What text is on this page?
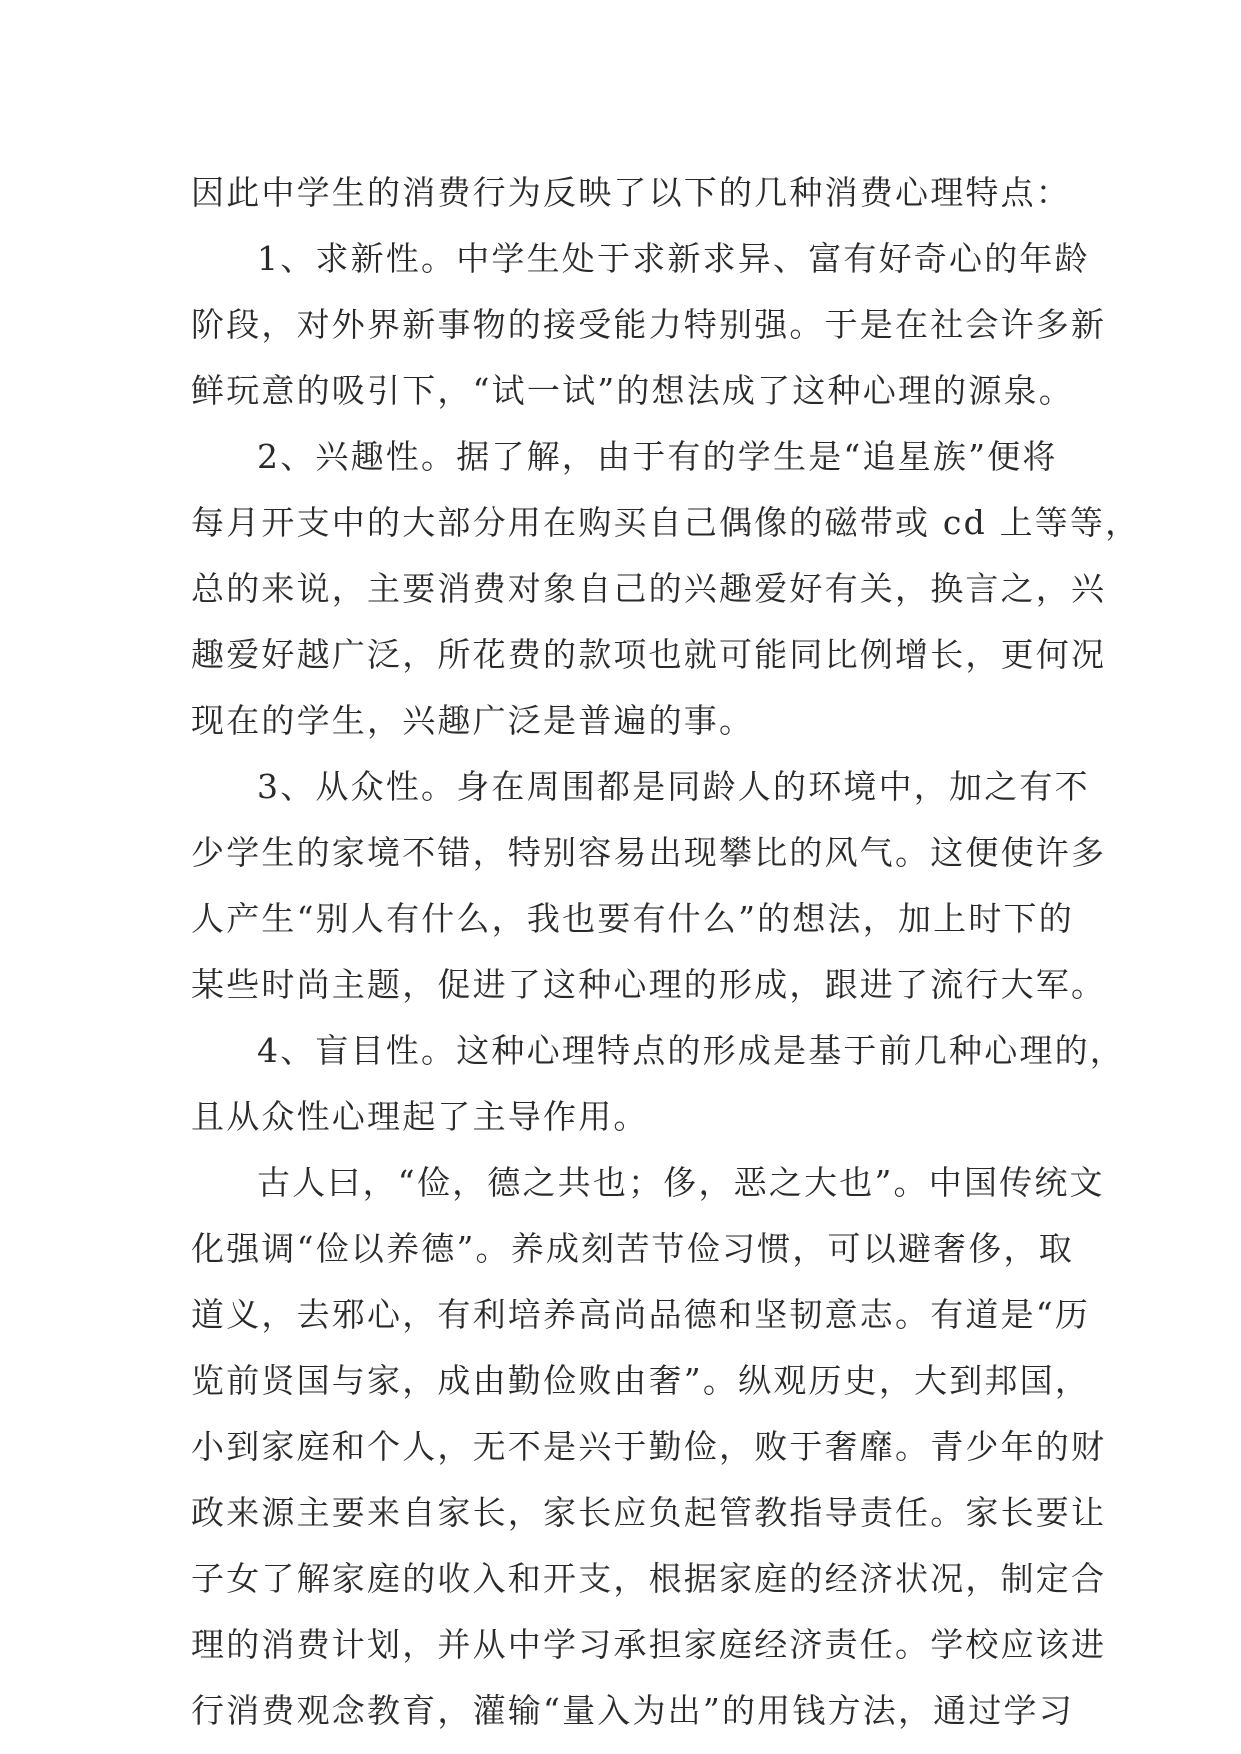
因此中学生的消费行为反映了以下的几种消费心理特点：
1、求新性。中学生处于求新求异、富有好奇心的年龄
阶段，对外界新事物的接受能力特别强。于是在社会许多新
鲜玩意的吸引下，“试一试”的想法成了这种心理的源泉。
2、兴趣性。据了解，由于有的学生是“追星族”便将
每月开支中的大部分用在购买自己偶像的磁带或 cd 上等等，
总的来说，主要消费对象自己的兴趣爱好有关，换言之，兴
趣爱好越广泛，所花费的款项也就可能同比例增长，更何况
现在的学生，兴趣广泛是普遍的事。
3、从众性。身在周围都是同龄人的环境中，加之有不
少学生的家境不错，特别容易出现攀比的风气。这便使许多
人产生“别人有什么，我也要有什么”的想法，加上时下的
某些时尚主题，促进了这种心理的形成，跟进了流行大军。
4、盲目性。这种心理特点的形成是基于前几种心理的，
且从众性心理起了主导作用。
古人曰，“俭，德之共也；侈，恶之大也”。中国传统文
化强调“俭以养德”。养成刻苦节俭习惯，可以避奢侈，取
道义，去邪心，有利培养高尚品德和坚韧意志。有道是“历
览前贤国与家，成由勤俭败由奢”。纵观历史，大到邦国，
小到家庭和个人，无不是兴于勤俭，败于奢靡。青少年的财
政来源主要来自家长，家长应负起管教指导责任。家长要让
子女了解家庭的收入和开支，根据家庭的经济状况，制定合
理的消费计划，并从中学习承担家庭经济责任。学校应该进
行消费观念教育，灌输“量入为出”的用钱方法，通过学习
